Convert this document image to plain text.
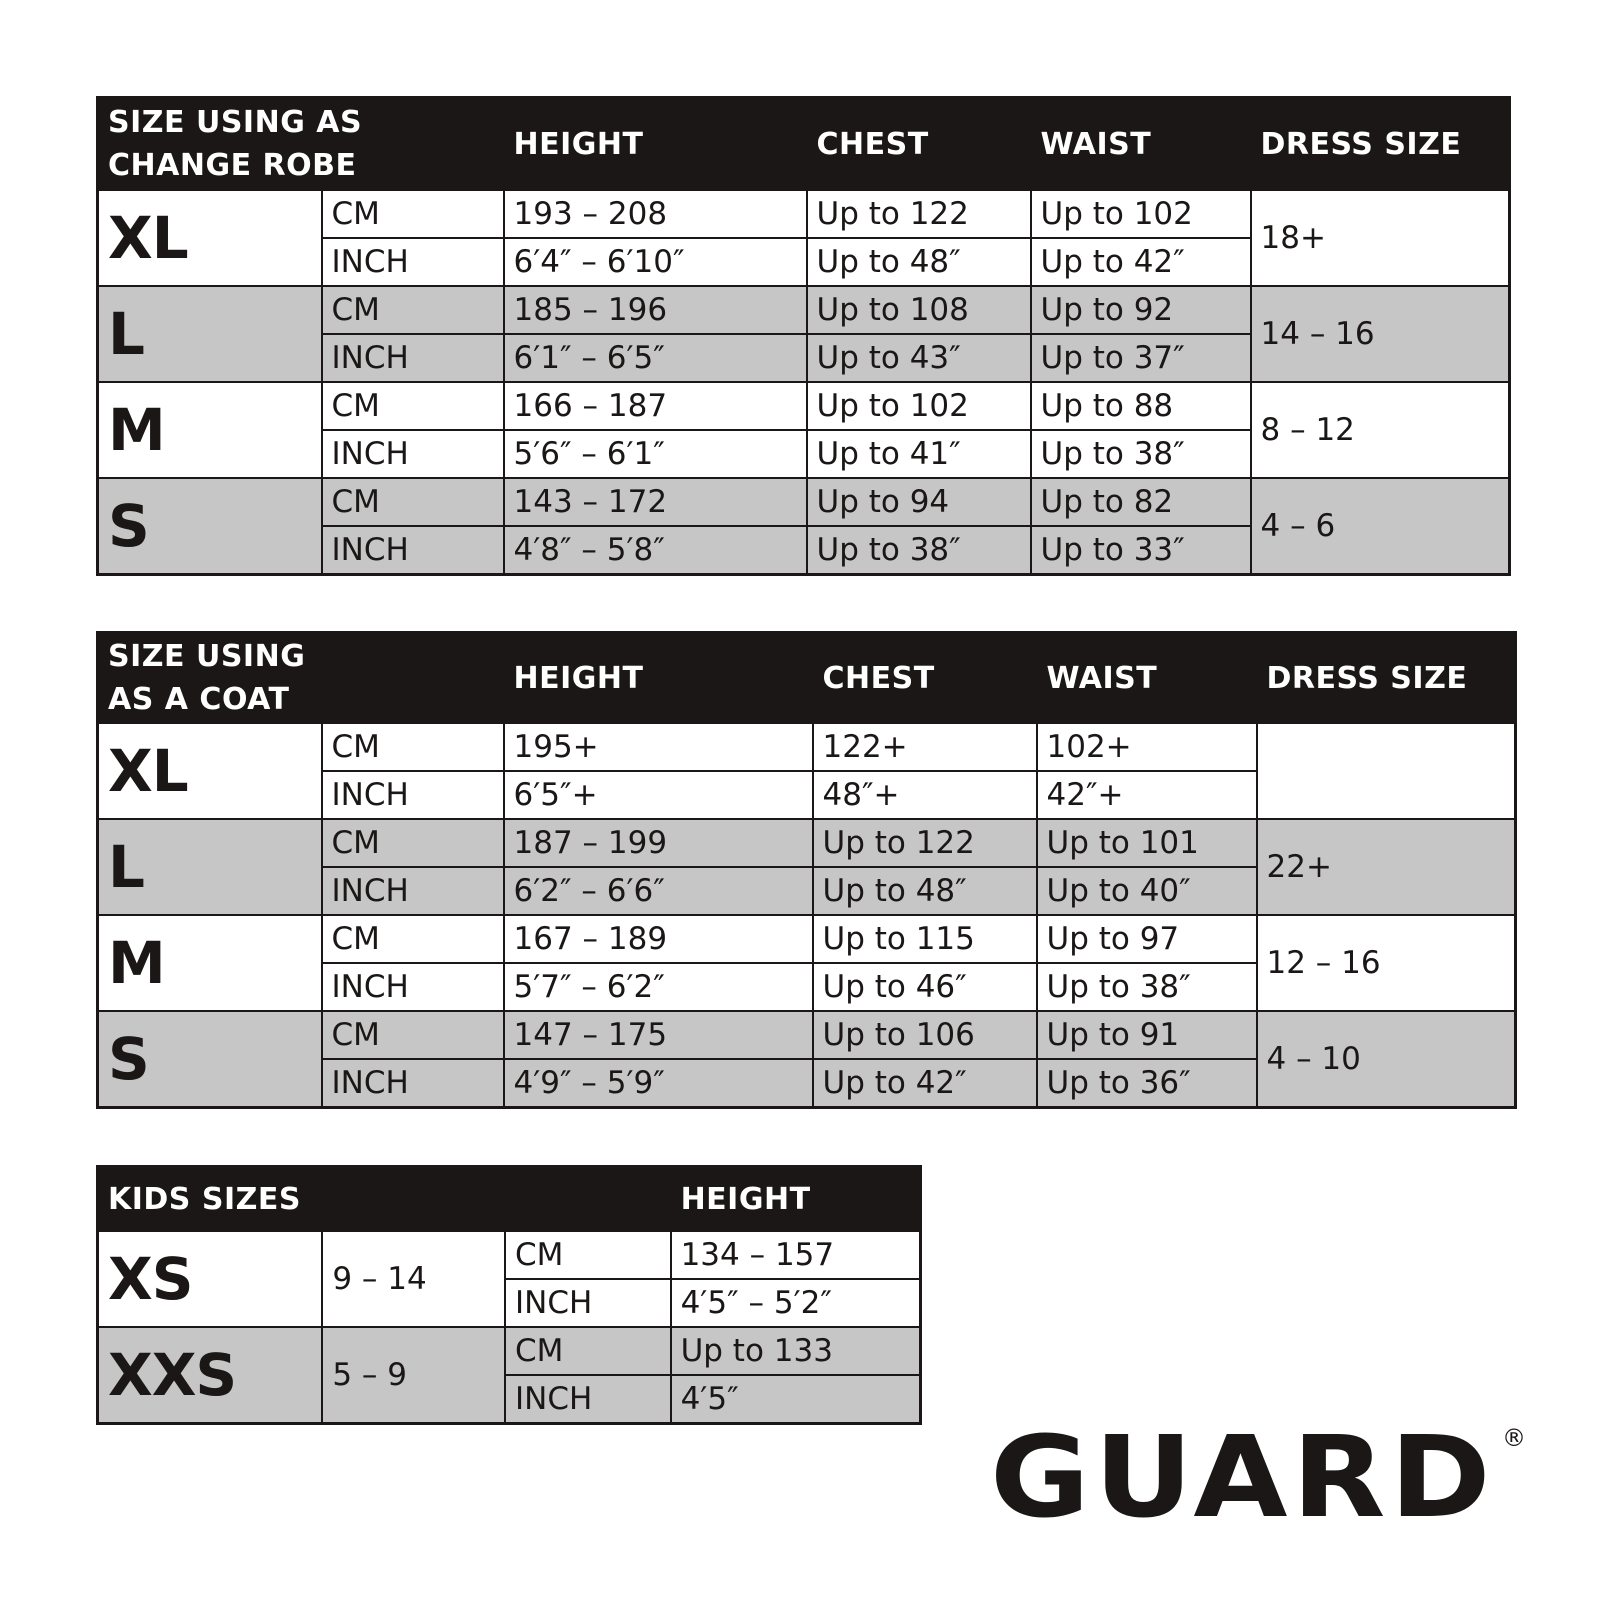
SIZE USING AS CHANGE ROBE		HEIGHT	CHEST	WAIST	DRESS SIZE
XL	CM	193 – 208	Up to 122	Up to 102	18+
	INCH	6′4″ – 6′10″	Up to 48″	Up to 42″	
L	CM	185 – 196	Up to 108	Up to 92	14 – 16
	INCH	6′1″ – 6′5″	Up to 43″	Up to 37″	
M	CM	166 – 187	Up to 102	Up to 88	8 – 12
	INCH	5′6″ – 6′1″	Up to 41″	Up to 38″	
S	CM	143 – 172	Up to 94	Up to 82	4 – 6
	INCH	4′8″ – 5′8″	Up to 38″	Up to 33″	
SIZE USING AS A COAT		HEIGHT	CHEST	WAIST	DRESS SIZE
XL	CM	195+	122+	102+	
	INCH	6′5″+	48″+	42″+	
L	CM	187 – 199	Up to 122	Up to 101	22+
	INCH	6′2″ – 6′6″	Up to 48″	Up to 40″	
M	CM	167 – 189	Up to 115	Up to 97	12 – 16
	INCH	5′7″ – 6′2″	Up to 46″	Up to 38″	
S	CM	147 – 175	Up to 106	Up to 91	4 – 10
	INCH	4′9″ – 5′9″	Up to 42″	Up to 36″	
KIDS SIZES			HEIGHT
XS	9 – 14	CM	134 – 157
		INCH	4′5″ – 5′2″
XXS	5 – 9	CM	Up to 133
		INCH	4′5″
GUARD ®
